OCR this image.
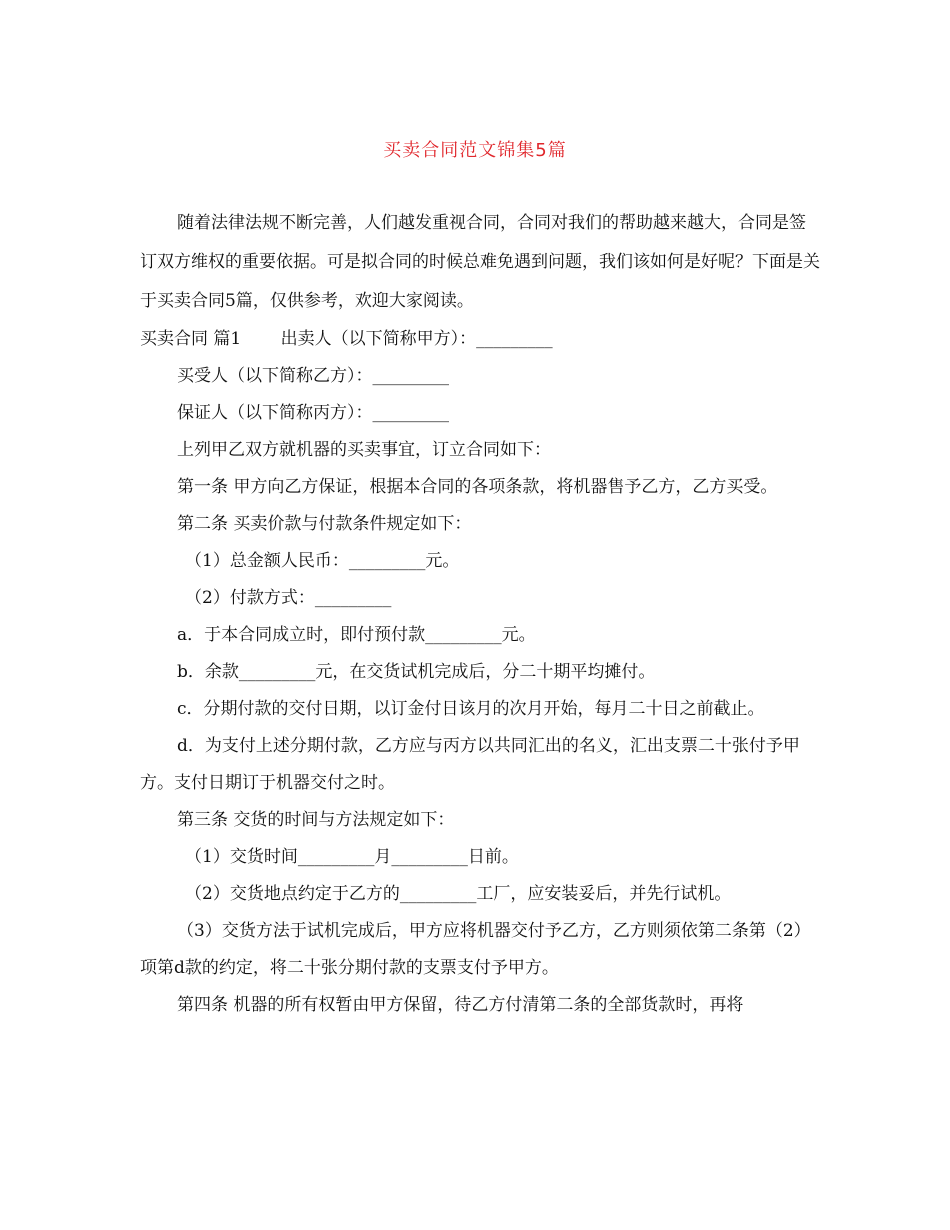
买卖合同范文锦集5篇

随着法律法规不断完善，人们越发重视合同，合同对我们的帮助越来越大，合同是签订双方维权的重要依据。可是拟合同的时候总难免遇到问题，我们该如何是好呢？下面是关于买卖合同5篇，仅供参考，欢迎大家阅读。

买卖合同 篇1　　 出卖人（以下简称甲方）：_________

买受人（以下简称乙方）：_________

保证人（以下简称丙方）：_________

上列甲乙双方就机器的买卖事宜，订立合同如下：

第一条 甲方向乙方保证，根据本合同的各项条款，将机器售予乙方，乙方买受。

第二条 买卖价款与付款条件规定如下：

（1）总金额人民币：_________元。

（2）付款方式：_________

a．于本合同成立时，即付预付款_________元。

b．余款_________元，在交货试机完成后，分二十期平均摊付。

c．分期付款的交付日期，以订金付日该月的次月开始，每月二十日之前截止。

d．为支付上述分期付款，乙方应与丙方以共同汇出的名义，汇出支票二十张付予甲方。支付日期订于机器交付之时。

第三条 交货的时间与方法规定如下：

（1）交货时间_________月_________日前。

（2）交货地点约定于乙方的_________工厂，应安装妥后，并先行试机。

（3）交货方法于试机完成后，甲方应将机器交付予乙方，乙方则须依第二条第（2）项第d款的约定，将二十张分期付款的支票支付予甲方。

第四条 机器的所有权暂由甲方保留，待乙方付清第二条的全部货款时，再将
